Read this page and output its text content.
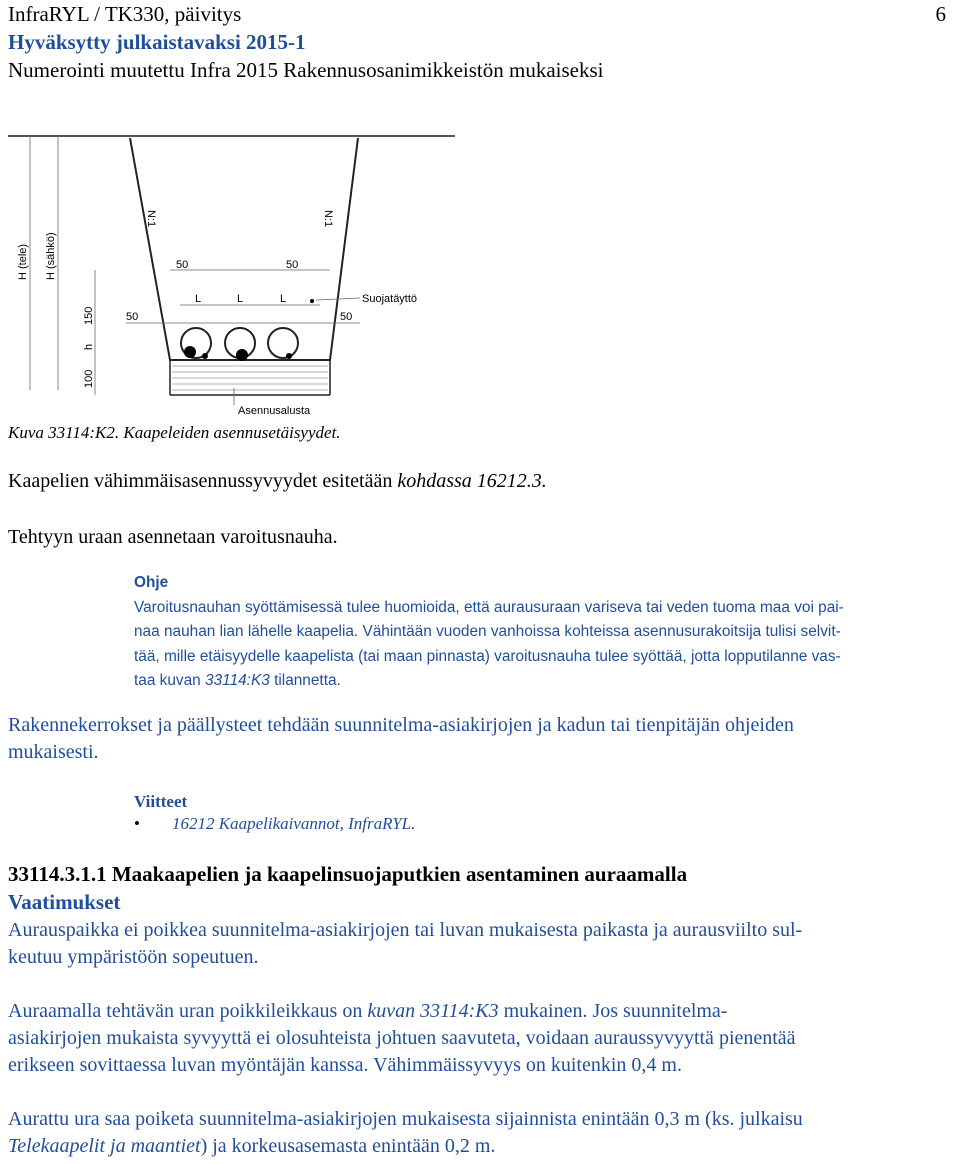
InfraRYL / TK330, päivitys
Hyväksytty julkaistavaksi 2015-1
Numerointi muutettu Infra 2015 Rakennusosanimikkeistön mukaiseksi
6
50	50
L	L	L	Suojatäyttö
50	50
N:1	N:1
H (tele) H (sähkö)
150
h
100
Asennusalusta
Kuva 33114:K2. Kaapeleiden asennusetäisyydet.
Kaapelien vähimmäisasennussyvyydet esitetään kohdassa 16212.3.
Tehtyyn uraan asennetaan varoitusnauha.
Ohje
Varoitusnauhan syöttämisessä tulee huomioida, että aurausuraan variseva tai veden tuoma maa voi pai-
naa nauhan lian lähelle kaapelia. Vähintään vuoden vanhoissa kohteissa asennusurakoitsija tulisi selvit-
tää, mille etäisyydelle kaapelista (tai maan pinnasta) varoitusnauha tulee syöttää, jotta lopputilanne vas-
taa kuvan 33114:K3 tilannetta.
Rakennekerrokset ja päällysteet tehdään suunnitelma-asiakirjojen ja kadun tai tienpitäjän ohjeiden
mukaisesti.
Viitteet
• 16212 Kaapelikaivannot, InfraRYL.
33114.3.1.1 Maakaapelien ja kaapelinsuojaputkien asentaminen auraamalla
Vaatimukset
Aurauspaikka ei poikkea suunnitelma-asiakirjojen tai luvan mukaisesta paikasta ja aurausviilto sul-
keutuu ympäristöön sopeutuen.
Auraamalla tehtävän uran poikkileikkaus on kuvan 33114:K3 mukainen. Jos suunnitelma-
asiakirjojen mukaista syvyyttä ei olosuhteista johtuen saavuteta, voidaan auraussyvyyttä pienentää
erikseen sovittaessa luvan myöntäjän kanssa. Vähimmäissyvyys on kuitenkin 0,4 m.
Aurattu ura saa poiketa suunnitelma-asiakirjojen mukaisesta sijainnista enintään 0,3 m (ks. julkaisu
Telekaapelit ja maantiet) ja korkeusasemasta enintään 0,2 m.
